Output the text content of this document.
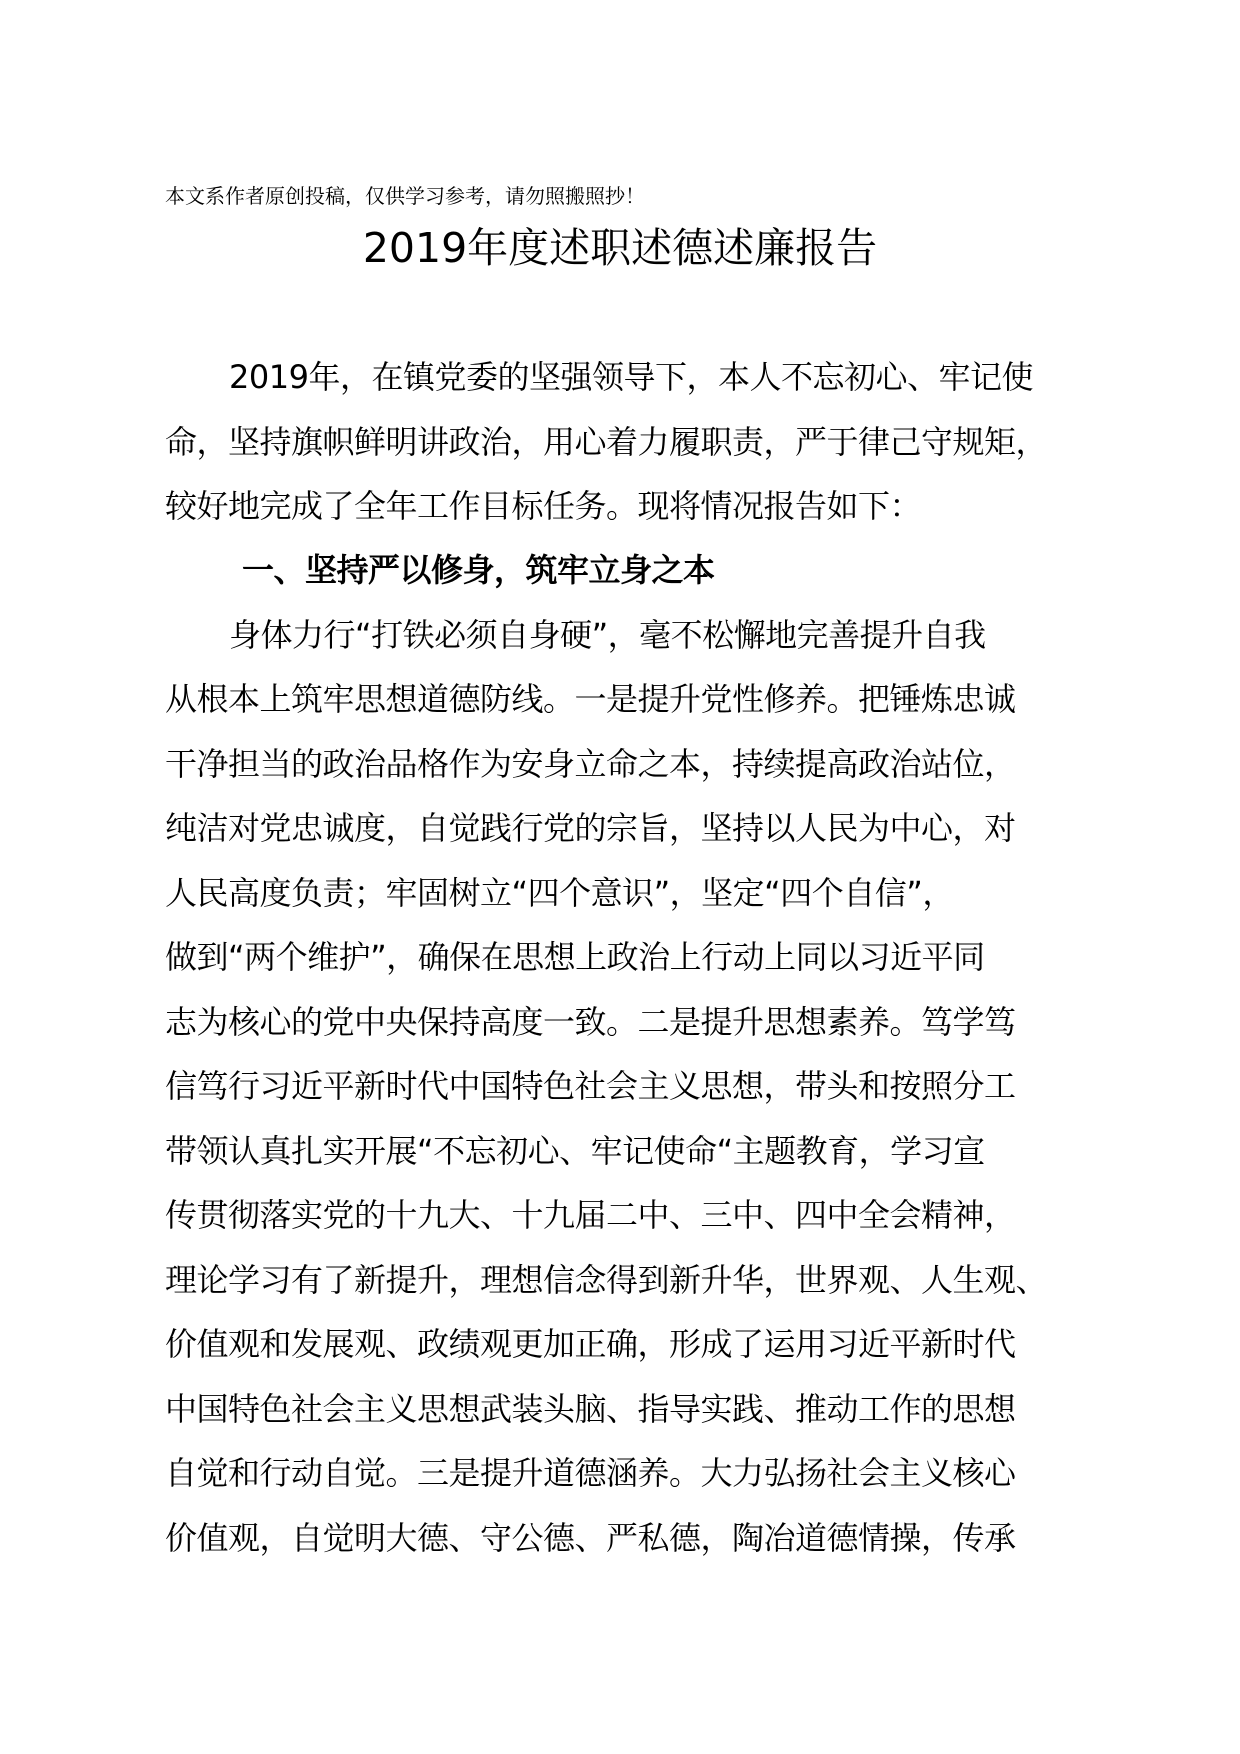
本文系作者原创投稿，仅供学习参考，请勿照搬照抄！
2019年度述职述德述廉报告
2019年，在镇党委的坚强领导下，本人不忘初心、牢记使
命，坚持旗帜鲜明讲政治，用心着力履职责，严于律己守规矩，
较好地完成了全年工作目标任务。现将情况报告如下：
一、坚持严以修身，筑牢立身之本
身体力行“打铁必须自身硬”，毫不松懈地完善提升自我
从根本上筑牢思想道德防线。一是提升党性修养。把锤炼忠诚
干净担当的政治品格作为安身立命之本，持续提高政治站位，
纯洁对党忠诚度，自觉践行党的宗旨，坚持以人民为中心，对
人民高度负责；牢固树立“四个意识”，坚定“四个自信”，
做到“两个维护”，确保在思想上政治上行动上同以习近平同
志为核心的党中央保持高度一致。二是提升思想素养。笃学笃
信笃行习近平新时代中国特色社会主义思想，带头和按照分工
带领认真扎实开展“不忘初心、牢记使命“主题教育，学习宣
传贯彻落实党的十九大、十九届二中、三中、四中全会精神，
理论学习有了新提升，理想信念得到新升华，世界观、人生观、
价值观和发展观、政绩观更加正确，形成了运用习近平新时代
中国特色社会主义思想武装头脑、指导实践、推动工作的思想
自觉和行动自觉。三是提升道德涵养。大力弘扬社会主义核心
价值观，自觉明大德、守公德、严私德，陶冶道德情操，传承
